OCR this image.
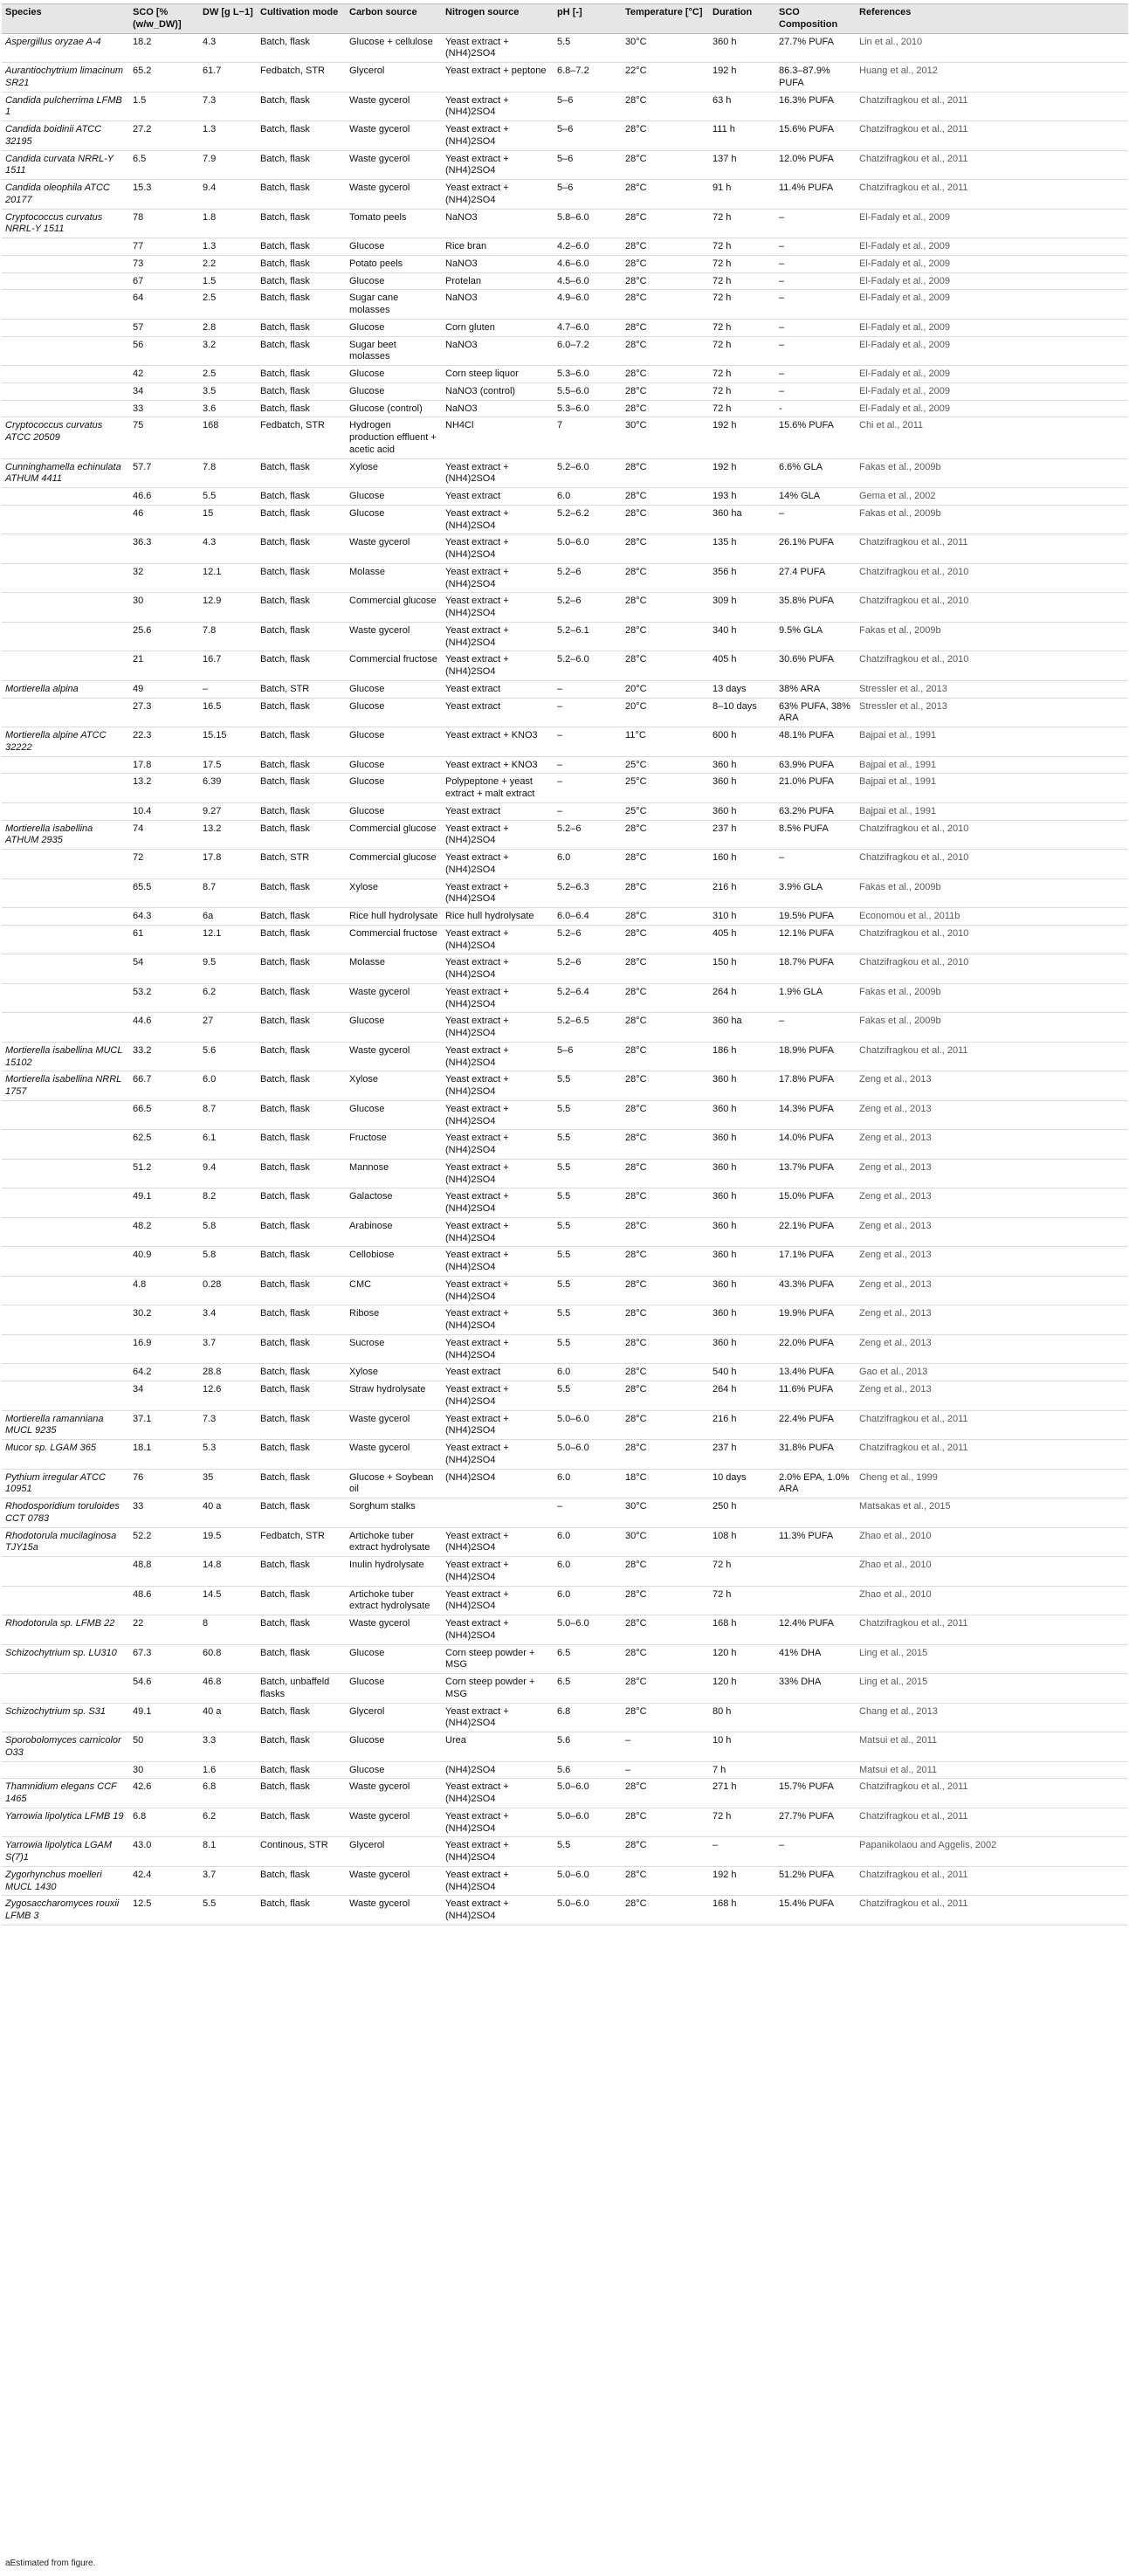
Species	SCO [% (w/w_DW)]	DW [g L−1]	Cultivation mode	Carbon source	Nitrogen source	pH [-]	Temperature [°C]	Duration	SCO Composition	References
Aspergillus oryzae A-4	18.2	4.3	Batch, flask	Glucose + cellulose	Yeast extract + (NH4)2SO4	5.5	30°C	360 h	27.7% PUFA	Lin et al., 2010
Aurantiochytrium limacinum SR21	65.2	61.7	Fedbatch, STR	Glycerol	Yeast extract + peptone	6.8–7.2	22°C	192 h	86.3–87.9% PUFA	Huang et al., 2012
Candida pulcherrima LFMB 1	1.5	7.3	Batch, flask	Waste gycerol	Yeast extract + (NH4)2SO4	5–6	28°C	63 h	16.3% PUFA	Chatzifragkou et al., 2011
Candida boidinii ATCC 32195	27.2	1.3	Batch, flask	Waste gycerol	Yeast extract + (NH4)2SO4	5–6	28°C	111 h	15.6% PUFA	Chatzifragkou et al., 2011
Candida curvata NRRL-Y 1511	6.5	7.9	Batch, flask	Waste gycerol	Yeast extract + (NH4)2SO4	5–6	28°C	137 h	12.0% PUFA	Chatzifragkou et al., 2011
Candida oleophila ATCC 20177	15.3	9.4	Batch, flask	Waste gycerol	Yeast extract + (NH4)2SO4	5–6	28°C	91 h	11.4% PUFA	Chatzifragkou et al., 2011
Cryptococcus curvatus NRRL-Y 1511	78	1.8	Batch, flask	Tomato peels	NaNO3	5.8–6.0	28°C	72 h	–	El-Fadaly et al., 2009
	77	1.3	Batch, flask	Glucose	Rice bran	4.2–6.0	28°C	72 h	–	El-Fadaly et al., 2009
	73	2.2	Batch, flask	Potato peels	NaNO3	4.6–6.0	28°C	72 h	–	El-Fadaly et al., 2009
	67	1.5	Batch, flask	Glucose	Protelan	4.5–6.0	28°C	72 h	–	El-Fadaly et al., 2009
	64	2.5	Batch, flask	Sugar cane molasses	NaNO3	4.9–6.0	28°C	72 h	–	El-Fadaly et al., 2009
	57	2.8	Batch, flask	Glucose	Corn gluten	4.7–6.0	28°C	72 h	–	El-Fadaly et al., 2009
	56	3.2	Batch, flask	Sugar beet molasses	NaNO3	6.0–7.2	28°C	72 h	–	El-Fadaly et al., 2009
	42	2.5	Batch, flask	Glucose	Corn steep liquor	5.3–6.0	28°C	72 h	–	El-Fadaly et al., 2009
	34	3.5	Batch, flask	Glucose	NaNO3 (control)	5.5–6.0	28°C	72 h	–	El-Fadaly et al., 2009
	33	3.6	Batch, flask	Glucose (control)	NaNO3	5.3–6.0	28°C	72 h	-	El-Fadaly et al., 2009
Cryptococcus curvatus ATCC 20509	75	168	Fedbatch, STR	Hydrogen production effluent + acetic acid	NH4Cl	7	30°C	192 h	15.6% PUFA	Chi et al., 2011
Cunninghamella echinulata ATHUM 4411	57.7	7.8	Batch, flask	Xylose	Yeast extract + (NH4)2SO4	5.2–6.0	28°C	192 h	6.6% GLA	Fakas et al., 2009b
	46.6	5.5	Batch, flask	Glucose	Yeast extract	6.0	28°C	193 h	14% GLA	Gema et al., 2002
	46	15	Batch, flask	Glucose	Yeast extract + (NH4)2SO4	5.2–6.2	28°C	360 ha	–	Fakas et al., 2009b
	36.3	4.3	Batch, flask	Waste gycerol	Yeast extract + (NH4)2SO4	5.0–6.0	28°C	135 h	26.1% PUFA	Chatzifragkou et al., 2011
	32	12.1	Batch, flask	Molasse	Yeast extract + (NH4)2SO4	5.2–6	28°C	356 h	27.4 PUFA	Chatzifragkou et al., 2010
	30	12.9	Batch, flask	Commercial glucose	Yeast extract + (NH4)2SO4	5.2–6	28°C	309 h	35.8% PUFA	Chatzifragkou et al., 2010
	25.6	7.8	Batch, flask	Waste gycerol	Yeast extract + (NH4)2SO4	5.2–6.1	28°C	340 h	9.5% GLA	Fakas et al., 2009b
	21	16.7	Batch, flask	Commercial fructose	Yeast extract + (NH4)2SO4	5.2–6.0	28°C	405 h	30.6% PUFA	Chatzifragkou et al., 2010
Mortierella alpina	49	–	Batch, STR	Glucose	Yeast extract	–	20°C	13 days	38% ARA	Stressler et al., 2013
	27.3	16.5	Batch, flask	Glucose	Yeast extract	–	20°C	8–10 days	63% PUFA, 38% ARA	Stressler et al., 2013
Mortierella alpine ATCC 32222	22.3	15.15	Batch, flask	Glucose	Yeast extract + KNO3	–	11°C	600 h	48.1% PUFA	Bajpai et al., 1991
	17.8	17.5	Batch, flask	Glucose	Yeast extract + KNO3	–	25°C	360 h	63.9% PUFA	Bajpai et al., 1991
	13.2	6.39	Batch, flask	Glucose	Polypeptone + yeast extract + malt extract	–	25°C	360 h	21.0% PUFA	Bajpai et al., 1991
	10.4	9.27	Batch, flask	Glucose	Yeast extract	–	25°C	360 h	63.2% PUFA	Bajpai et al., 1991
Mortierella isabellina ATHUM 2935	74	13.2	Batch, flask	Commercial glucose	Yeast extract + (NH4)2SO4	5.2–6	28°C	237 h	8.5% PUFA	Chatzifragkou et al., 2010
	72	17.8	Batch, STR	Commercial glucose	Yeast extract + (NH4)2SO4	6.0	28°C	160 h	–	Chatzifragkou et al., 2010
	65.5	8.7	Batch, flask	Xylose	Yeast extract + (NH4)2SO4	5.2–6.3	28°C	216 h	3.9% GLA	Fakas et al., 2009b
	64.3	6a	Batch, flask	Rice hull hydrolysate	Rice hull hydrolysate	6.0–6.4	28°C	310 h	19.5% PUFA	Economou et al., 2011b
	61	12.1	Batch, flask	Commercial fructose	Yeast extract + (NH4)2SO4	5.2–6	28°C	405 h	12.1% PUFA	Chatzifragkou et al., 2010
	54	9.5	Batch, flask	Molasse	Yeast extract + (NH4)2SO4	5.2–6	28°C	150 h	18.7% PUFA	Chatzifragkou et al., 2010
	53.2	6.2	Batch, flask	Waste gycerol	Yeast extract + (NH4)2SO4	5.2–6.4	28°C	264 h	1.9% GLA	Fakas et al., 2009b
	44.6	27	Batch, flask	Glucose	Yeast extract + (NH4)2SO4	5.2–6.5	28°C	360 ha	–	Fakas et al., 2009b
Mortierella isabellina MUCL 15102	33.2	5.6	Batch, flask	Waste gycerol	Yeast extract + (NH4)2SO4	5–6	28°C	186 h	18.9% PUFA	Chatzifragkou et al., 2011
Mortierella isabellina NRRL 1757	66.7	6.0	Batch, flask	Xylose	Yeast extract + (NH4)2SO4	5.5	28°C	360 h	17.8% PUFA	Zeng et al., 2013
	66.5	8.7	Batch, flask	Glucose	Yeast extract + (NH4)2SO4	5.5	28°C	360 h	14.3% PUFA	Zeng et al., 2013
	62.5	6.1	Batch, flask	Fructose	Yeast extract + (NH4)2SO4	5.5	28°C	360 h	14.0% PUFA	Zeng et al., 2013
	51.2	9.4	Batch, flask	Mannose	Yeast extract + (NH4)2SO4	5.5	28°C	360 h	13.7% PUFA	Zeng et al., 2013
	49.1	8.2	Batch, flask	Galactose	Yeast extract + (NH4)2SO4	5.5	28°C	360 h	15.0% PUFA	Zeng et al., 2013
	48.2	5.8	Batch, flask	Arabinose	Yeast extract + (NH4)2SO4	5.5	28°C	360 h	22.1% PUFA	Zeng et al., 2013
	40.9	5.8	Batch, flask	Cellobiose	Yeast extract + (NH4)2SO4	5.5	28°C	360 h	17.1% PUFA	Zeng et al., 2013
	4.8	0.28	Batch, flask	CMC	Yeast extract + (NH4)2SO4	5.5	28°C	360 h	43.3% PUFA	Zeng et al., 2013
	30.2	3.4	Batch, flask	Ribose	Yeast extract + (NH4)2SO4	5.5	28°C	360 h	19.9% PUFA	Zeng et al., 2013
	16.9	3.7	Batch, flask	Sucrose	Yeast extract + (NH4)2SO4	5.5	28°C	360 h	22.0% PUFA	Zeng et al., 2013
	64.2	28.8	Batch, flask	Xylose	Yeast extract	6.0	28°C	540 h	13.4% PUFA	Gao et al., 2013
	34	12.6	Batch, flask	Straw hydrolysate	Yeast extract + (NH4)2SO4	5.5	28°C	264 h	11.6% PUFA	Zeng et al., 2013
Mortierella ramanniana MUCL 9235	37.1	7.3	Batch, flask	Waste gycerol	Yeast extract + (NH4)2SO4	5.0–6.0	28°C	216 h	22.4% PUFA	Chatzifragkou et al., 2011
Mucor sp. LGAM 365	18.1	5.3	Batch, flask	Waste gycerol	Yeast extract + (NH4)2SO4	5.0–6.0	28°C	237 h	31.8% PUFA	Chatzifragkou et al., 2011
Pythium irregular ATCC 10951	76	35	Batch, flask	Glucose + Soybean oil	(NH4)2SO4	6.0	18°C	10 days	2.0% EPA, 1.0% ARA	Cheng et al., 1999
Rhodosporidium toruloides CCT 0783	33	40 a	Batch, flask	Sorghum stalks		–	30°C	250 h		Matsakas et al., 2015
Rhodotorula mucilaginosa TJY15a	52.2	19.5	Fedbatch, STR	Artichoke tuber extract hydrolysate	Yeast extract + (NH4)2SO4	6.0	30°C	108 h	11.3% PUFA	Zhao et al., 2010
	48.8	14.8	Batch, flask	Inulin hydrolysate	Yeast extract + (NH4)2SO4	6.0	28°C	72 h		Zhao et al., 2010
	48.6	14.5	Batch, flask	Artichoke tuber extract hydrolysate	Yeast extract + (NH4)2SO4	6.0	28°C	72 h		Zhao et al., 2010
Rhodotorula sp. LFMB 22	22	8	Batch, flask	Waste gycerol	Yeast extract + (NH4)2SO4	5.0–6.0	28°C	168 h	12.4% PUFA	Chatzifragkou et al., 2011
Schizochytrium sp. LU310	67.3	60.8	Batch, flask	Glucose	Corn steep powder + MSG	6.5	28°C	120 h	41% DHA	Ling et al., 2015
	54.6	46.8	Batch, unbaffeld flasks	Glucose	Corn steep powder + MSG	6.5	28°C	120 h	33% DHA	Ling et al., 2015
Schizochytrium sp. S31	49.1	40 a	Batch, flask	Glycerol	Yeast extract + (NH4)2SO4	6.8	28°C	80 h		Chang et al., 2013
Sporobolomyces carnicolor O33	50	3.3	Batch, flask	Glucose	Urea	5.6	–	10 h		Matsui et al., 2011
	30	1.6	Batch, flask	Glucose	(NH4)2SO4	5.6	–	7 h		Matsui et al., 2011
Thamnidium elegans CCF 1465	42.6	6.8	Batch, flask	Waste gycerol	Yeast extract + (NH4)2SO4	5.0–6.0	28°C	271 h	15.7% PUFA	Chatzifragkou et al., 2011
Yarrowia lipolytica LFMB 19	6.8	6.2	Batch, flask	Waste gycerol	Yeast extract + (NH4)2SO4	5.0–6.0	28°C	72 h	27.7% PUFA	Chatzifragkou et al., 2011
Yarrowia lipolytica LGAM S(7)1	43.0	8.1	Continous, STR	Glycerol	Yeast extract + (NH4)2SO4	5.5	28°C	–	–	Papanikolaou and Aggelis, 2002
Zygorhynchus moelleri MUCL 1430	42.4	3.7	Batch, flask	Waste gycerol	Yeast extract + (NH4)2SO4	5.0–6.0	28°C	192 h	51.2% PUFA	Chatzifragkou et al., 2011
Zygosaccharomyces rouxii LFMB 3	12.5	5.5	Batch, flask	Waste gycerol	Yeast extract + (NH4)2SO4	5.0–6.0	28°C	168 h	15.4% PUFA	Chatzifragkou et al., 2011
aEstimated from figure.
